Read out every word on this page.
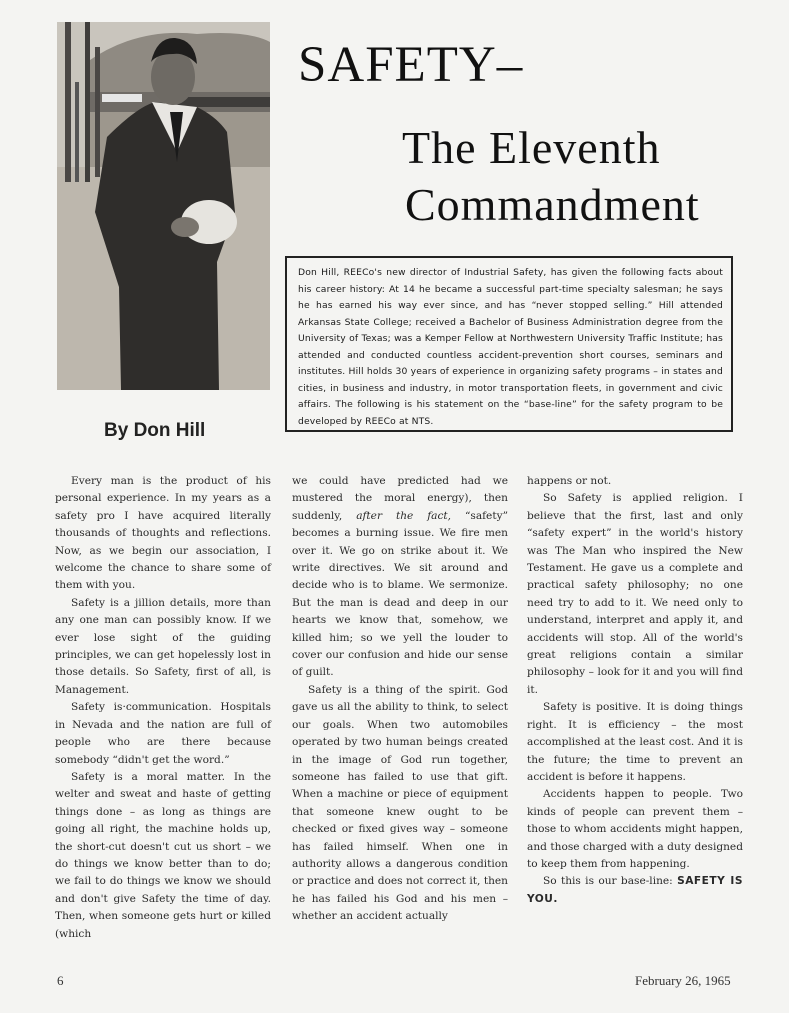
SAFETY–
The Eleventh
Commandment
Don Hill, REECo's new director of Industrial Safety, has given the following facts about his career history: At 14 he became a successful part-time specialty salesman; he says he has earned his way ever since, and has “never stopped selling.” Hill attended Arkansas State College; received a Bachelor of Business Administration degree from the University of Texas; was a Kemper Fellow at Northwestern University Traffic Institute; has attended and conducted countless accident-prevention short courses, seminars and institutes. Hill holds 30 years of experience in organizing safety programs – in states and cities, in business and industry, in motor transportation fleets, in government and civic affairs. The following is his statement on the “base-line” for the safety program to be developed by REECo at NTS.
By Don Hill

Every man is the product of his personal experience. In my years as a safety pro I have acquired literally thousands of thoughts and reflections. Now, as we begin our association, I welcome the chance to share some of them with you.

Safety is a jillion details, more than any one man can possibly know. If we ever lose sight of the guiding principles, we can get hopelessly lost in those details. So Safety, first of all, is Management.

Safety is·communication. Hospitals in Nevada and the nation are full of people who are there because somebody “didn't get the word.”

Safety is a moral matter. In the welter and sweat and haste of getting things done – as long as things are going all right, the machine holds up, the short-cut doesn't cut us short – we do things we know better than to do; we fail to do things we know we should and don't give Safety the time of day. Then, when someone gets hurt or killed (which

we could have predicted had we mustered the moral energy), then suddenly, after the fact, “safety” becomes a burning issue. We fire men over it. We go on strike about it. We write directives. We sit around and decide who is to blame. We sermonize. But the man is dead and deep in our hearts we know that, somehow, we killed him; so we yell the louder to cover our confusion and hide our sense of guilt.

Safety is a thing of the spirit. God gave us all the ability to think, to select our goals. When two automobiles operated by two human beings created in the image of God run together, someone has failed to use that gift. When a machine or piece of equipment that someone knew ought to be checked or fixed gives way – someone has failed himself. When one in authority allows a dangerous condition or practice and does not correct it, then he has failed his God and his men – whether an accident actually

happens or not.

So Safety is applied religion. I believe that the first, last and only “safety expert” in the world's history was The Man who inspired the New Testament. He gave us a complete and practical safety philosophy; no one need try to add to it. We need only to understand, interpret and apply it, and accidents will stop. All of the world's great religions contain a similar philosophy – look for it and you will find it.

Safety is positive. It is doing things right. It is efficiency – the most accomplished at the least cost. And it is the future; the time to prevent an accident is before it happens.

Accidents happen to people. Two kinds of people can prevent them – those to whom accidents might happen, and those charged with a duty designed to keep them from happening.

So this is our base-line: SAFETY IS YOU.

6	February 26, 1965
